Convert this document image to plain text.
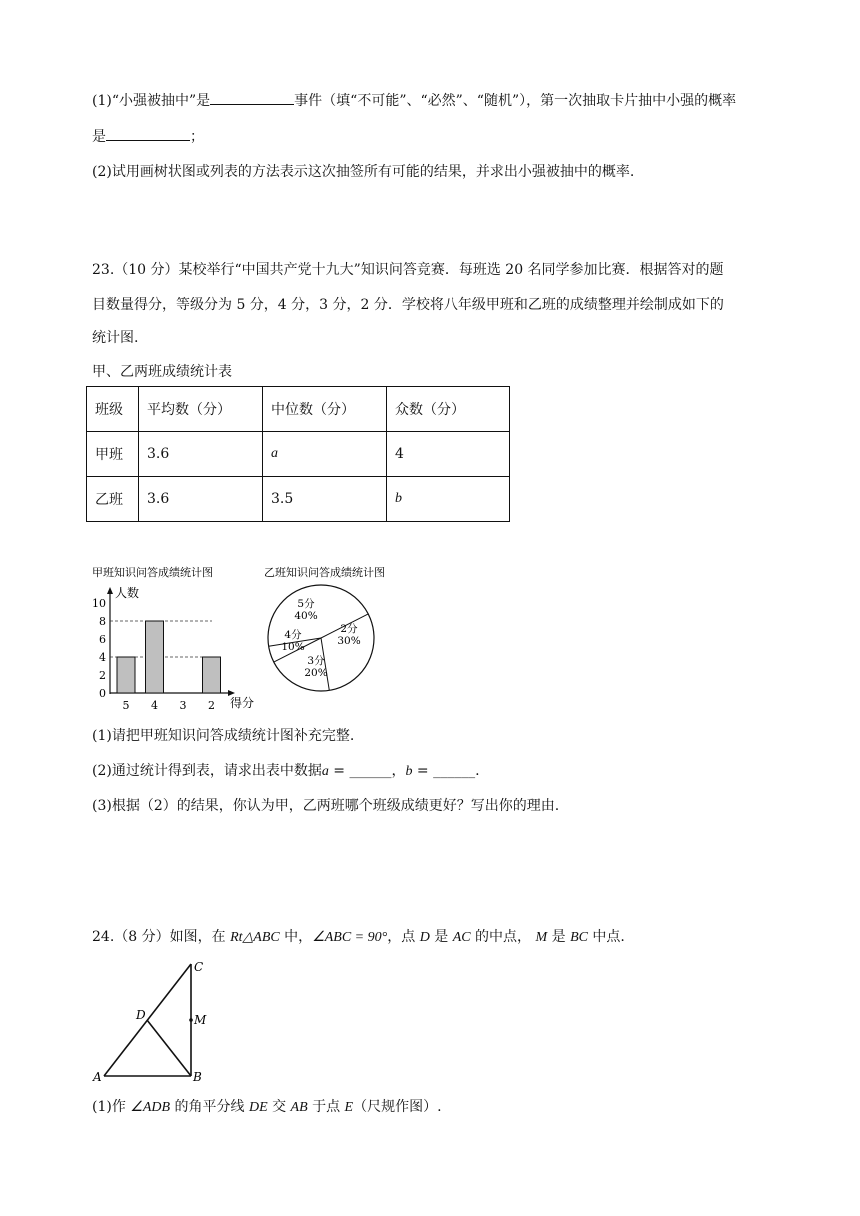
(1)“小强被抽中”是	事件（填“不可能”、“必然”、“随机”），第一次抽取卡片抽中小强的概率
是	；
(2)试用画树状图或列表的方法表示这次抽签所有可能的结果，并求出小强被抽中的概率.
23.（10 分）某校举行“中国共产党十九大”知识问答竞赛．每班选 20 名同学参加比赛．根据答对的题
目数量得分，等级分为 5 分，4 分，3 分，2 分．学校将八年级甲班和乙班的成绩整理并绘制成如下的
统计图.
甲、乙两班成绩统计表
班级	平均数（分）	中位数（分）	众数（分）
甲班	3.6	a	4
乙班	3.6	3.5	b
甲班知识问答成绩统计图
人数
得分
0
2
4
6
8
10
5 4 3 2
乙班知识问答成绩统计图
5分
40%
2分
30%
3分
20%
4分
10%
(1)请把甲班知识问答成绩统计图补充完整.
(2)通过统计得到表，请求出表中数据a = ______，b = ______.
(3)根据（2）的结果，你认为甲，乙两班哪个班级成绩更好？写出你的理由.
24.（8 分）如图，在 Rt△ABC 中，∠ABC = 90°，点 D 是 AC 的中点， M 是 BC 中点.
C
D	M
A	B
(1)作 ∠ADB 的角平分线 DE 交 AB 于点 E（尺规作图）.
